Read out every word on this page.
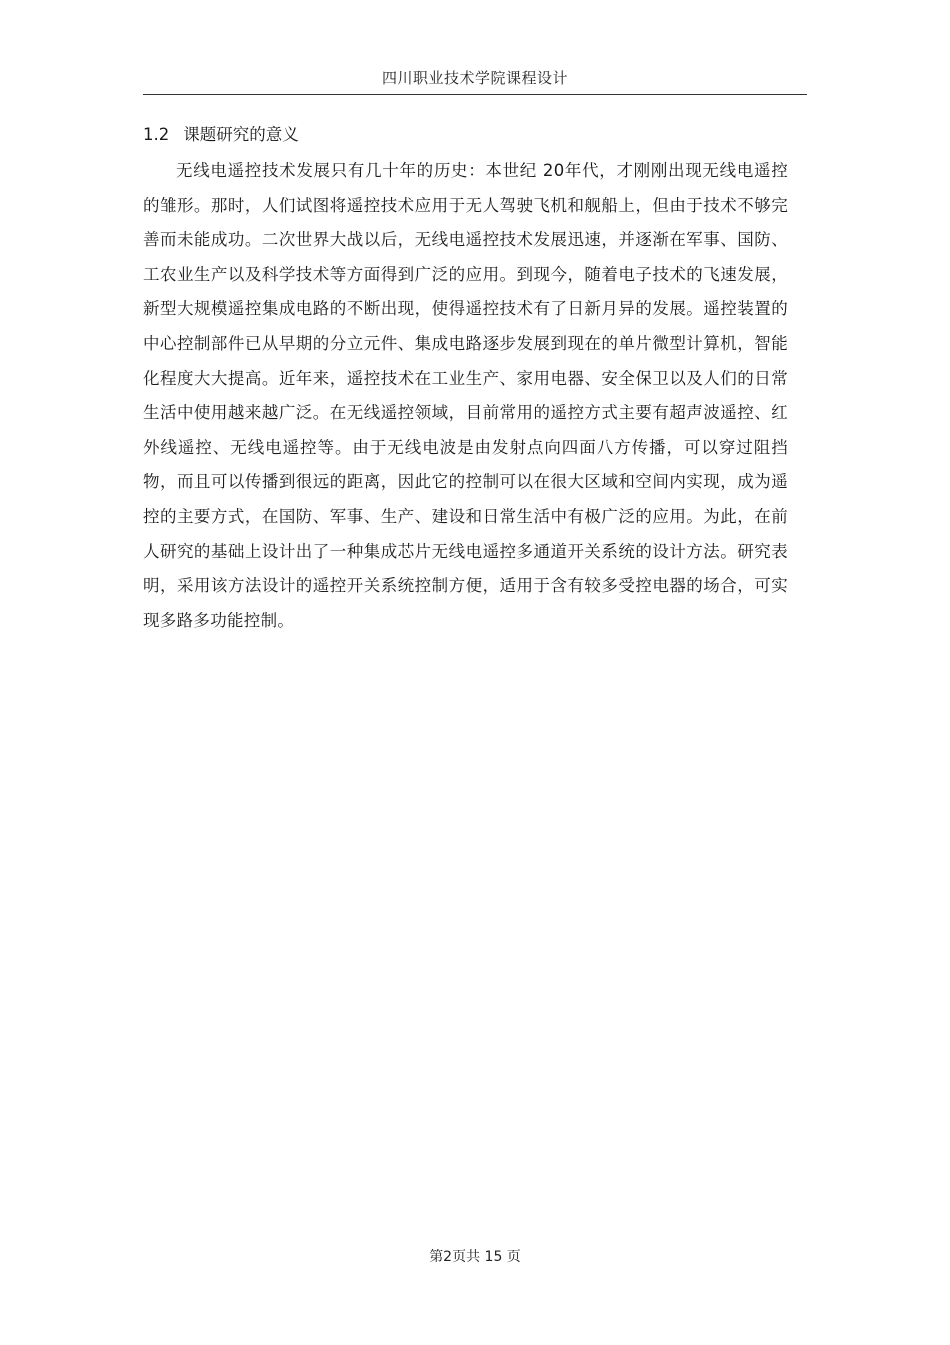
四川职业技术学院课程设计
1.2 课题研究的意义

无线电遥控技术发展只有几十年的历史：本世纪 20年代，才刚刚出现无线电遥控的雏形。那时，人们试图将遥控技术应用于无人驾驶飞机和舰船上，但由于技术不够完善而未能成功。二次世界大战以后，无线电遥控技术发展迅速，并逐渐在军事、国防、工农业生产以及科学技术等方面得到广泛的应用。到现今，随着电子技术的飞速发展，新型大规模遥控集成电路的不断出现，使得遥控技术有了日新月异的发展。遥控装置的中心控制部件已从早期的分立元件、集成电路逐步发展到现在的单片微型计算机，智能化程度大大提高。近年来，遥控技术在工业生产、家用电器、安全保卫以及人们的日常生活中使用越来越广泛。在无线遥控领域，目前常用的遥控方式主要有超声波遥控、红外线遥控、无线电遥控等。由于无线电波是由发射点向四面八方传播，可以穿过阻挡物，而且可以传播到很远的距离，因此它的控制可以在很大区域和空间内实现，成为遥控的主要方式，在国防、军事、生产、建设和日常生活中有极广泛的应用。为此，在前人研究的基础上设计出了一种集成芯片无线电遥控多通道开关系统的设计方法。研究表明，采用该方法设计的遥控开关系统控制方便，适用于含有较多受控电器的场合，可实现多路多功能控制。

第2页共 15 页
